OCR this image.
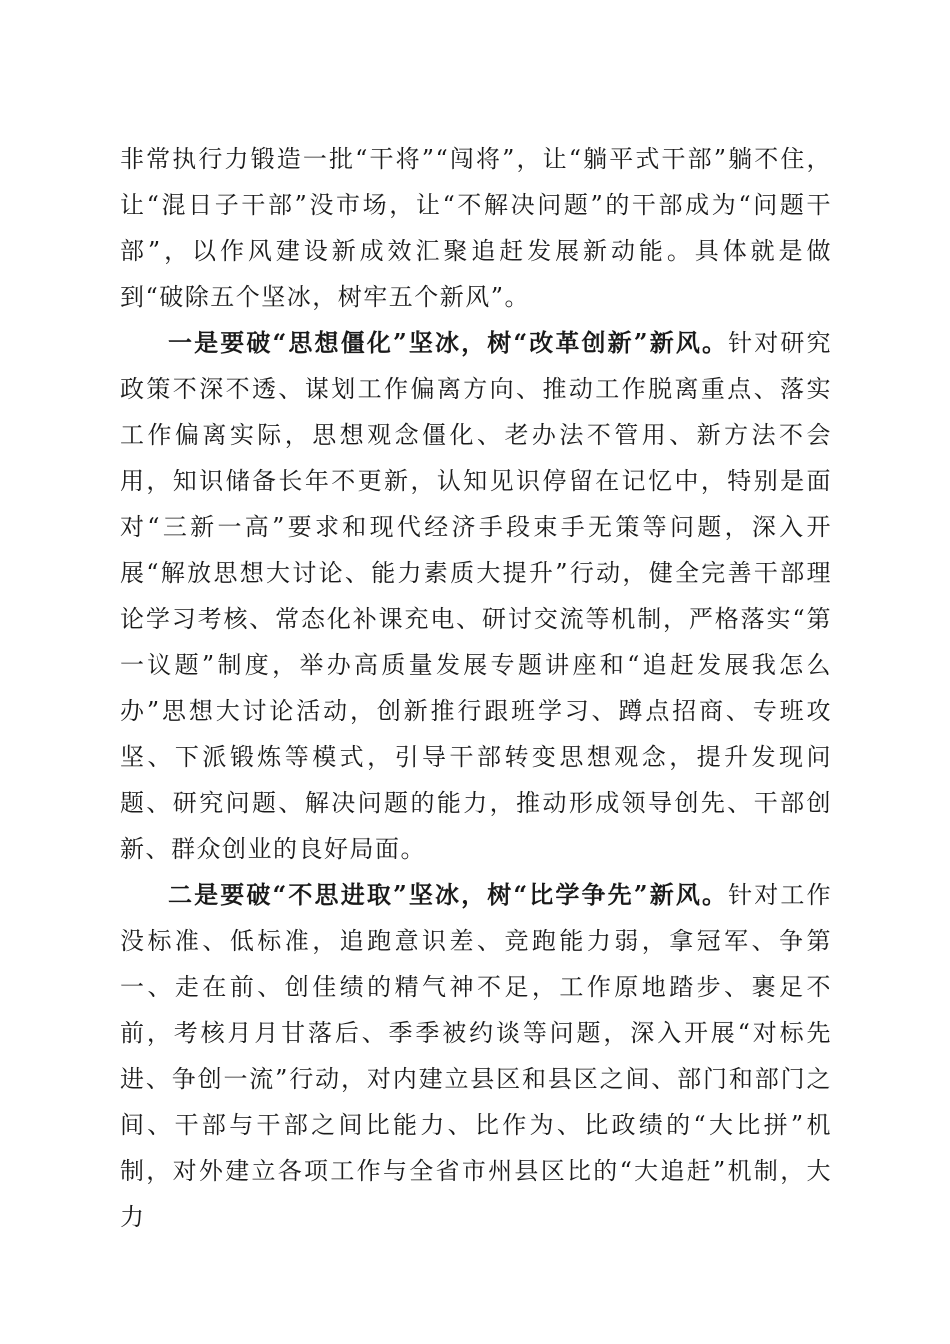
非常执行力锻造一批“干将”“闯将”，让“躺平式干部”躺不住，让“混日子干部”没市场，让“不解决问题”的干部成为“问题干部”，以作风建设新成效汇聚追赶发展新动能。具体就是做到“破除五个坚冰，树牢五个新风”。

一是要破“思想僵化”坚冰，树“改革创新”新风。针对研究政策不深不透、谋划工作偏离方向、推动工作脱离重点、落实工作偏离实际，思想观念僵化、老办法不管用、新方法不会用，知识储备长年不更新，认知见识停留在记忆中，特别是面对“三新一高”要求和现代经济手段束手无策等问题，深入开展“解放思想大讨论、能力素质大提升”行动，健全完善干部理论学习考核、常态化补课充电、研讨交流等机制，严格落实“第一议题”制度，举办高质量发展专题讲座和“追赶发展我怎么办”思想大讨论活动，创新推行跟班学习、蹲点招商、专班攻坚、下派锻炼等模式，引导干部转变思想观念，提升发现问题、研究问题、解决问题的能力，推动形成领导创先、干部创新、群众创业的良好局面。

二是要破“不思进取”坚冰，树“比学争先”新风。针对工作没标准、低标准，追跑意识差、竞跑能力弱，拿冠军、争第一、走在前、创佳绩的精气神不足，工作原地踏步、裹足不前，考核月月甘落后、季季被约谈等问题，深入开展“对标先进、争创一流”行动，对内建立县区和县区之间、部门和部门之间、干部与干部之间比能力、比作为、比政绩的“大比拼”机制，对外建立各项工作与全省市州县区比的“大追赶”机制，大力
